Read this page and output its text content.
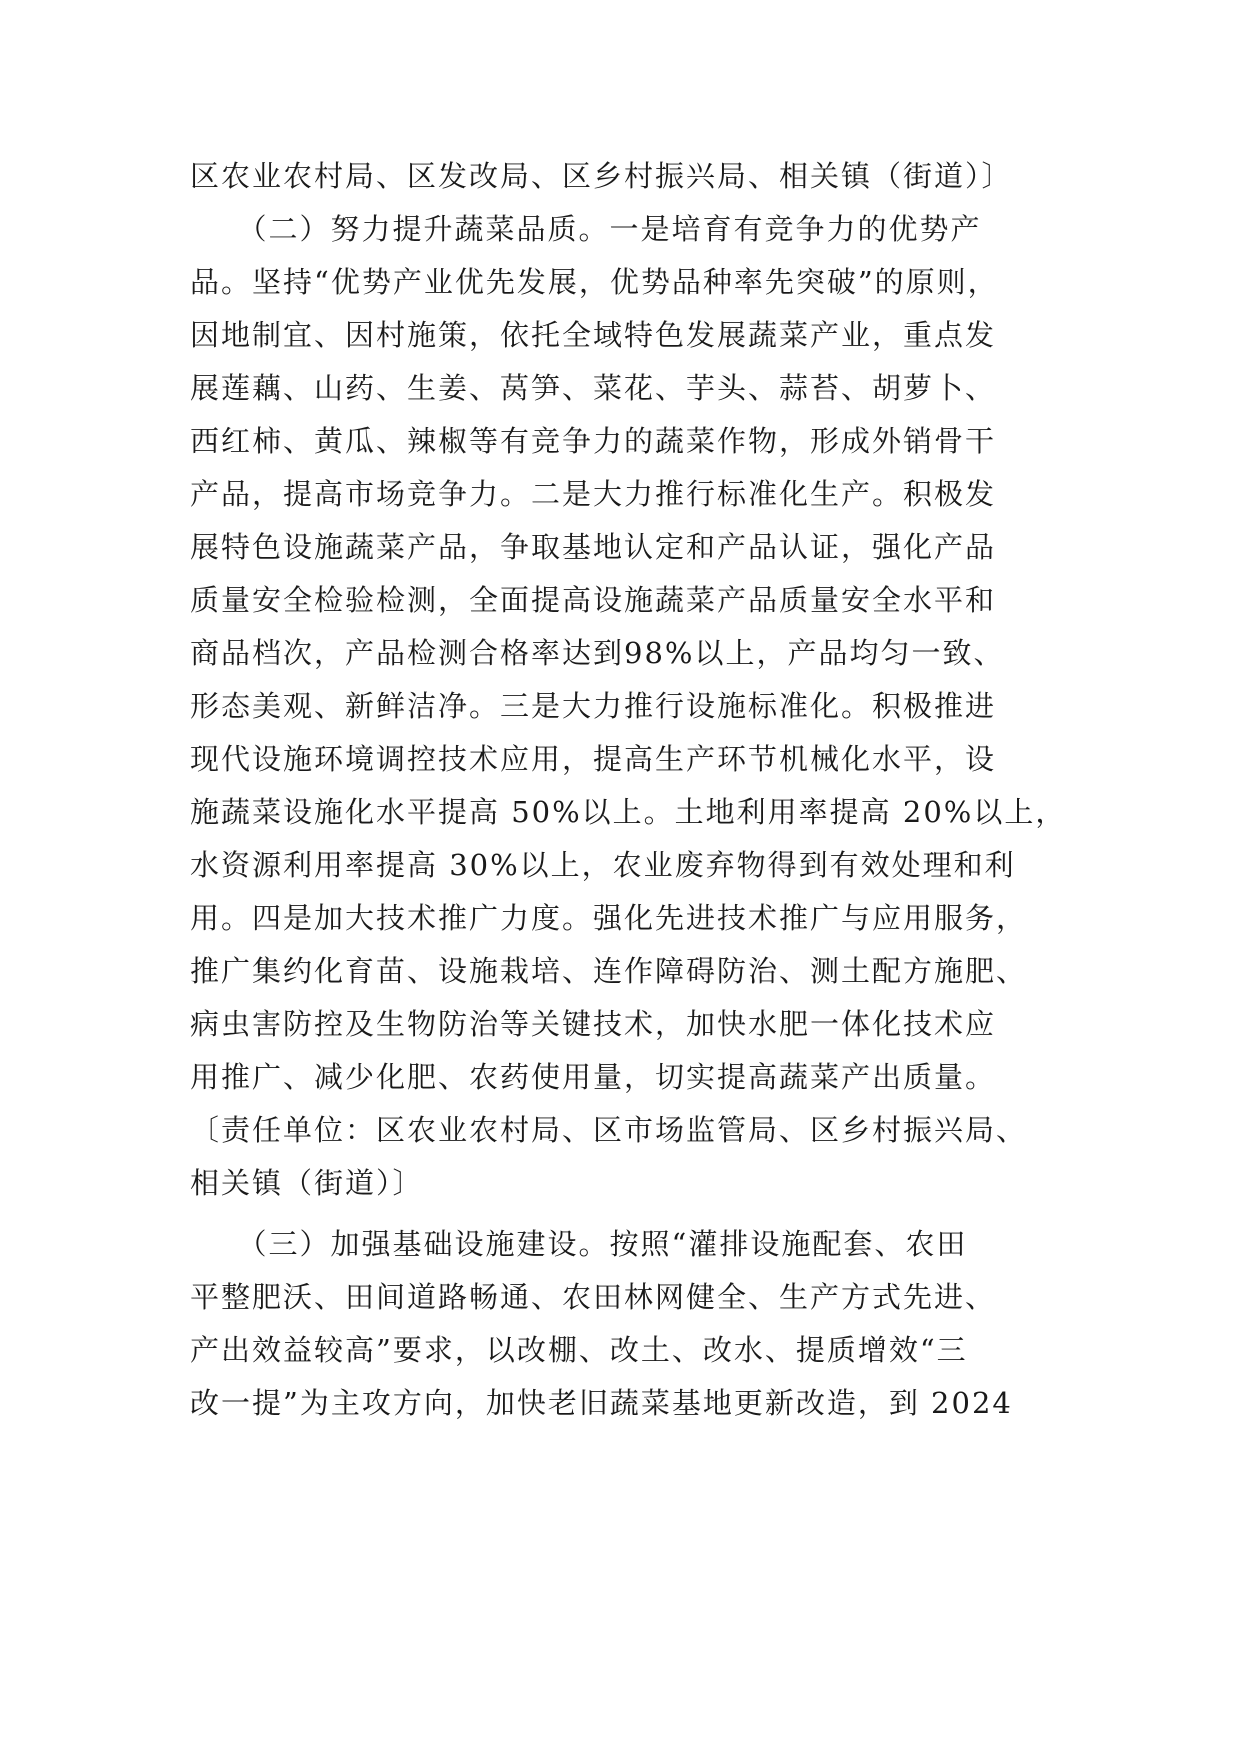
区农业农村局、区发改局、区乡村振兴局、相关镇（街道）〕
　　（二）努力提升蔬菜品质。一是培育有竞争力的优势产
品。坚持“优势产业优先发展，优势品种率先突破”的原则，
因地制宜、因村施策，依托全域特色发展蔬菜产业，重点发
展莲藕、山药、生姜、莴笋、菜花、芋头、蒜苔、胡萝卜、
西红柿、黄瓜、辣椒等有竞争力的蔬菜作物，形成外销骨干
产品，提高市场竞争力。二是大力推行标准化生产。积极发
展特色设施蔬菜产品，争取基地认定和产品认证，强化产品
质量安全检验检测，全面提高设施蔬菜产品质量安全水平和
商品档次，产品检测合格率达到98%以上，产品均匀一致、
形态美观、新鲜洁净。三是大力推行设施标准化。积极推进
现代设施环境调控技术应用，提高生产环节机械化水平，设
施蔬菜设施化水平提高 50%以上。土地利用率提高 20%以上，
水资源利用率提高 30%以上，农业废弃物得到有效处理和利
用。四是加大技术推广力度。强化先进技术推广与应用服务，
推广集约化育苗、设施栽培、连作障碍防治、测土配方施肥、
病虫害防控及生物防治等关键技术，加快水肥一体化技术应
用推广、减少化肥、农药使用量，切实提高蔬菜产出质量。
〔责任单位：区农业农村局、区市场监管局、区乡村振兴局、
相关镇（街道）〕
　　（三）加强基础设施建设。按照“灌排设施配套、农田
平整肥沃、田间道路畅通、农田林网健全、生产方式先进、
产出效益较高”要求，以改棚、改土、改水、提质增效“三
改一提”为主攻方向，加快老旧蔬菜基地更新改造，到 2024
